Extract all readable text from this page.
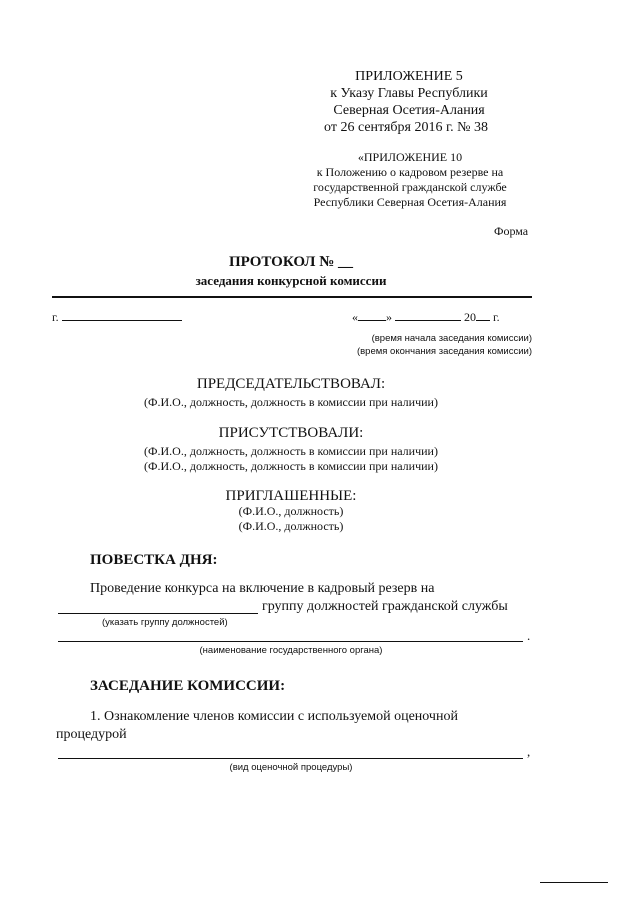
ПРИЛОЖЕНИЕ 5
к Указу Главы Республики
Северная Осетия-Алания
от 26 сентября 2016 г. № 38
«ПРИЛОЖЕНИЕ 10
к Положению о кадровом резерве на
государственной гражданской службе
Республики Северная Осетия-Алания
Форма
ПРОТОКОЛ № __
заседания конкурсной комиссии
г.	« »	20 г.
(время начала заседания комиссии)
(время окончания заседания комиссии)
ПРЕДСЕДАТЕЛЬСТВОВАЛ:
(Ф.И.О., должность, должность в комиссии при наличии)
ПРИСУТСТВОВАЛИ:
(Ф.И.О., должность, должность в комиссии при наличии)
(Ф.И.О., должность, должность в комиссии при наличии)
ПРИГЛАШЕННЫЕ:
(Ф.И.О., должность)
(Ф.И.О., должность)
ПОВЕСТКА ДНЯ:
Проведение конкурса на включение в кадровый резерв на
группу должностей гражданской службы
(указать группу должностей)
.
(наименование государственного органа)
ЗАСЕДАНИЕ КОМИССИИ:
1. Ознакомление членов комиссии с используемой оценочной
процедурой
,
(вид оценочной процедуры)
